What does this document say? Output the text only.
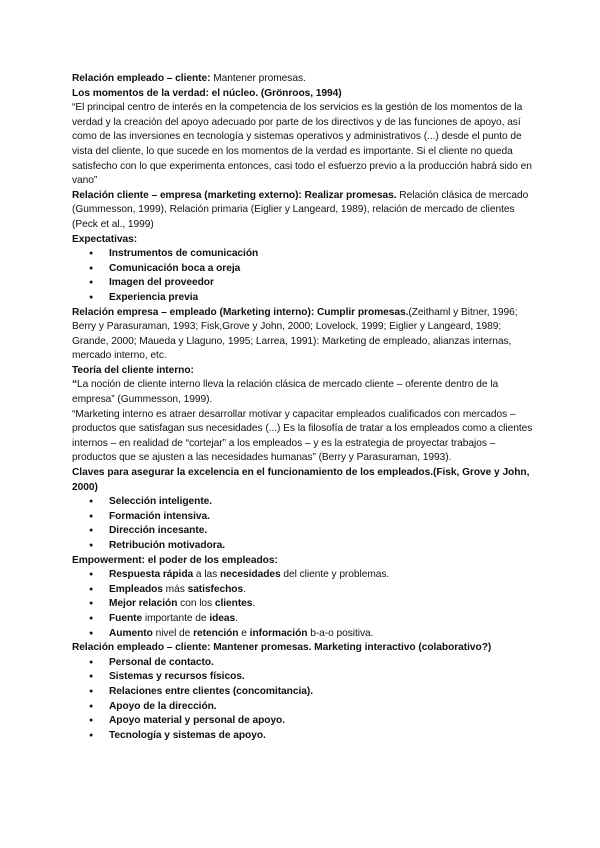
Relación empleado – cliente: Mantener promesas.

Los momentos de la verdad: el núcleo. (Grönroos, 1994)

“El principal centro de interés en la competencia de los servicios es la gestión de los momentos de la verdad y la creación del apoyo adecuado por parte de los directivos y de las funciones de apoyo, así como de las inversiones en tecnología y sistemas operativos y administrativos (...) desde el punto de vista del cliente, lo que sucede en los momentos de la verdad es importante. Si el cliente no queda satisfecho con lo que experimenta entonces, casi todo el esfuerzo previo a la producción habrá sido en vano”

Relación cliente – empresa (marketing externo): Realizar promesas. Relación clásica de mercado (Gummesson, 1999), Relación primaria (Eiglier y Langeard, 1989), relación de mercado de clientes (Peck et al., 1999)

Expectativas:

● Instrumentos de comunicación
● Comunicación boca a oreja
● Imagen del proveedor
● Experiencia previa

Relación empresa – empleado (Marketing interno): Cumplir promesas.(Zeithaml y Bitner, 1996; Berry y Parasuraman, 1993; Fisk,Grove y John, 2000; Lovelock, 1999; Eiglier y Langeard, 1989; Grande, 2000; Maueda y Llaguno, 1995; Larrea, 1991): Marketing de empleado, alianzas internas, mercado interno, etc.

Teoría del cliente interno:

“La noción de cliente interno lleva la relación clásica de mercado cliente – oferente dentro de la empresa” (Gummesson, 1999).

“Marketing interno es atraer desarrollar motivar y capacitar empleados cualificados con mercados – productos que satisfagan sus necesidades (...) Es la filosofía de tratar a los empleados como a clientes internos – en realidad de “cortejar” a los empleados – y es la estrategia de proyectar trabajos – productos que se ajusten a las necesidades humanas” (Berry y Parasuraman, 1993).

Claves para asegurar la excelencia en el funcionamiento de los empleados.(Fisk, Grove y John, 2000)

● Selección inteligente.
● Formación intensiva.
● Dirección incesante.
● Retribución motivadora.

Empowerment: el poder de los empleados:

● Respuesta rápida a las necesidades del cliente y problemas.
● Empleados más satisfechos.
● Mejor relación con los clientes.
● Fuente importante de ideas.
● Aumento nivel de retención e información b-a-o positiva.

Relación empleado – cliente: Mantener promesas. Marketing interactivo (colaborativo?)

● Personal de contacto.
● Sistemas y recursos físicos.
● Relaciones entre clientes (concomitancia).
● Apoyo de la dirección.
● Apoyo material y personal de apoyo.
● Tecnología y sistemas de apoyo.
